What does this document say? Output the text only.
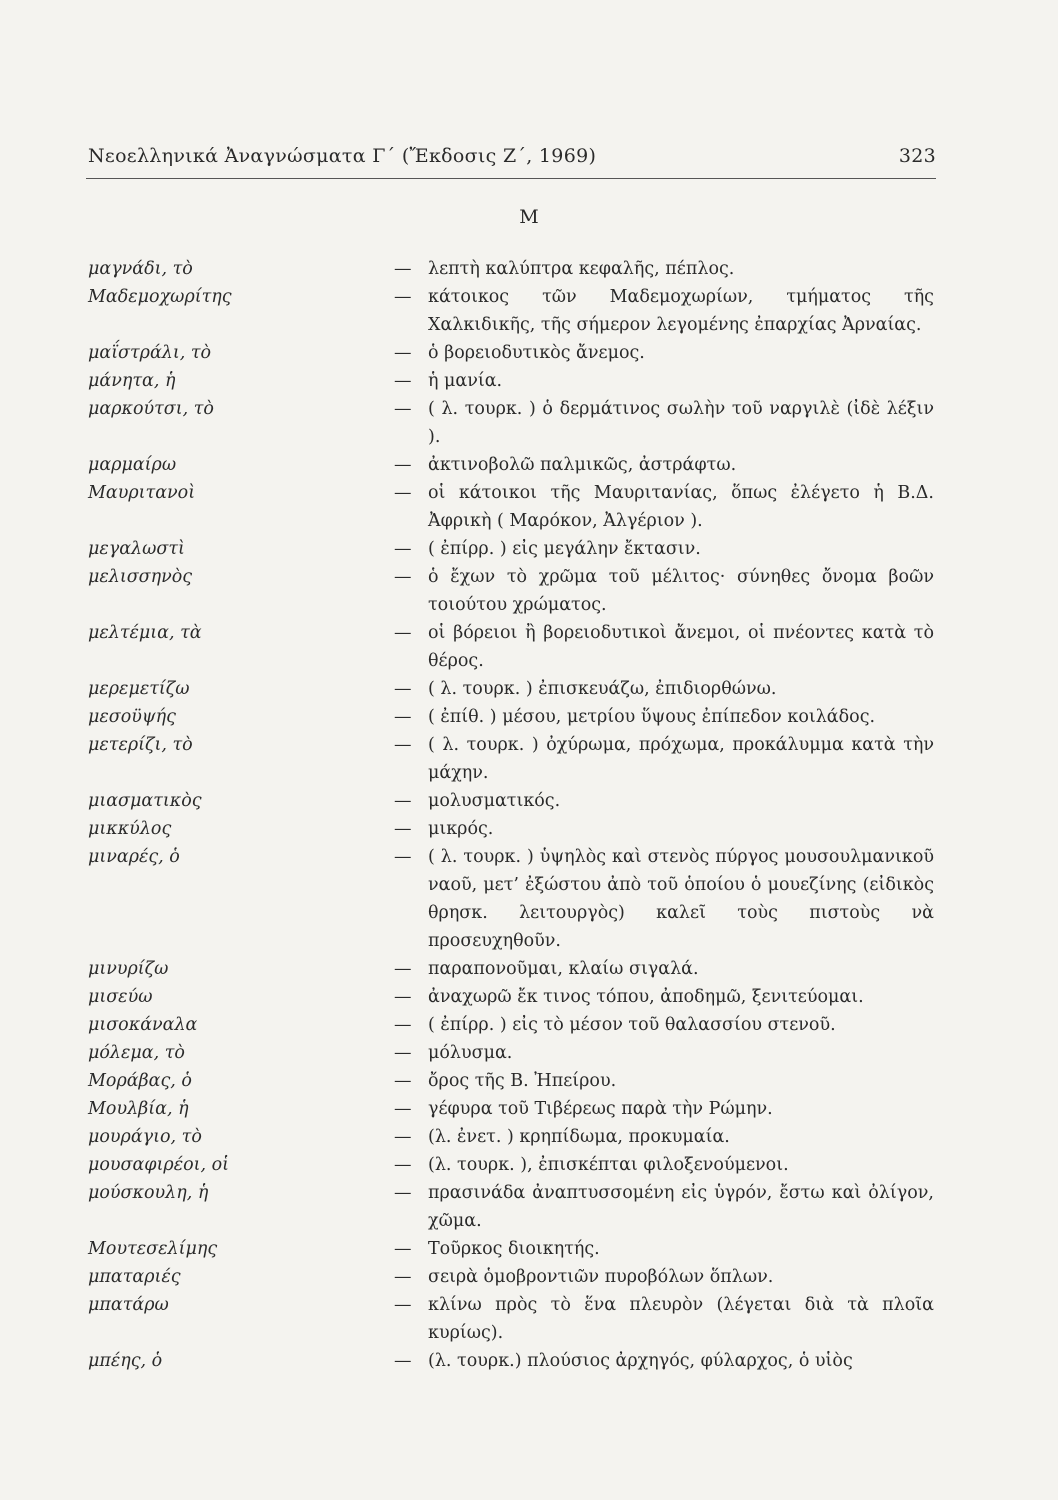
Νεοελληνικά Ἀναγνώσματα Γ΄ (Ἔκδοσις Ζ΄, 1969)	323
Μ
μαγνάδι, τὸ	— λεπτὴ καλύπτρα κεφαλῆς, πέπλος.
Μαδεμοχωρίτης	— κάτοικος τῶν Μαδεμοχωρίων, τμήματος τῆς Χαλκιδικῆς, τῆς σήμερον λεγομένης ἐπαρχίας Ἀρναίας.
μαΐστράλι, τὸ	— ὁ βορειοδυτικὸς ἄνεμος.
μάνητα, ἡ	— ἡ μανία.
μαρκούτσι, τὸ	— ( λ. τουρκ. ) ὁ δερμάτινος σωλὴν τοῦ ναργιλὲ (ἰδὲ λέξιν ).
μαρμαίρω	— ἀκτινοβολῶ παλμικῶς, ἀστράφτω.
Μαυριτανοὶ	— οἱ κάτοικοι τῆς Μαυριτανίας, ὅπως ἐλέγετο ἡ Β.Δ. Ἀφρικὴ ( Μαρόκον, Ἀλγέριον ).
μεγαλωστὶ	— ( ἐπίρρ. ) εἰς μεγάλην ἔκτασιν.
μελισσηνὸς	— ὁ ἔχων τὸ χρῶμα τοῦ μέλιτος· σύνηθες ὄνομα βοῶν τοιούτου χρώματος.
μελτέμια, τὰ	— οἱ βόρειοι ἢ βορειοδυτικοὶ ἄνεμοι, οἱ πνέοντες κατὰ τὸ θέρος.
μερεμετίζω	— ( λ. τουρκ. ) ἐπισκευάζω, ἐπιδιορθώνω.
μεσοϋψής	— ( ἐπίθ. ) μέσου, μετρίου ὕψους ἐπίπεδον κοιλάδος.
μετερίζι, τὸ	— ( λ. τουρκ. ) ὀχύρωμα, πρόχωμα, προκάλυμμα κατὰ τὴν μάχην.
μιασματικὸς	— μολυσματικός.
μικκύλος	— μικρός.
μιναρές, ὁ	— ( λ. τουρκ. ) ὑψηλὸς καὶ στενὸς πύργος μουσουλμανικοῦ ναοῦ, μετ’ ἐξώστου ἀπὸ τοῦ ὁποίου ὁ μουεζίνης (εἰδικὸς θρησκ. λειτουργὸς) καλεῖ τοὺς πιστοὺς νὰ προσευχηθοῦν.
μινυρίζω	— παραπονοῦμαι, κλαίω σιγαλά.
μισεύω	— ἀναχωρῶ ἔκ τινος τόπου, ἀποδημῶ, ξενιτεύομαι.
μισοκάναλα	— ( ἐπίρρ. ) εἰς τὸ μέσον τοῦ θαλασσίου στενοῦ.
μόλεμα, τὸ	— μόλυσμα.
Μοράβας, ὁ	— ὄρος τῆς Β. Ἠπείρου.
Μουλβία, ἡ	— γέφυρα τοῦ Τιβέρεως παρὰ τὴν Ρώμην.
μουράγιο, τὸ	— (λ. ἐνετ. ) κρηπίδωμα, προκυμαία.
μουσαφιρέοι, οἱ	— (λ. τουρκ. ), ἐπισκέπται φιλοξενούμενοι.
μούσκουλη, ἡ	— πρασινάδα ἀναπτυσσομένη εἰς ὑγρόν, ἔστω καὶ ὀλίγον, χῶμα.
Μουτεσελίμης	— Τοῦρκος διοικητής.
μπαταριές	— σειρὰ ὁμοβροντιῶν πυροβόλων ὅπλων.
μπατάρω	— κλίνω πρὸς τὸ ἕνα πλευρὸν (λέγεται διὰ τὰ πλοῖα κυρίως).
μπέης, ὁ	— (λ. τουρκ.) πλούσιος ἀρχηγός, φύλαρχος, ὁ υἱὸς
